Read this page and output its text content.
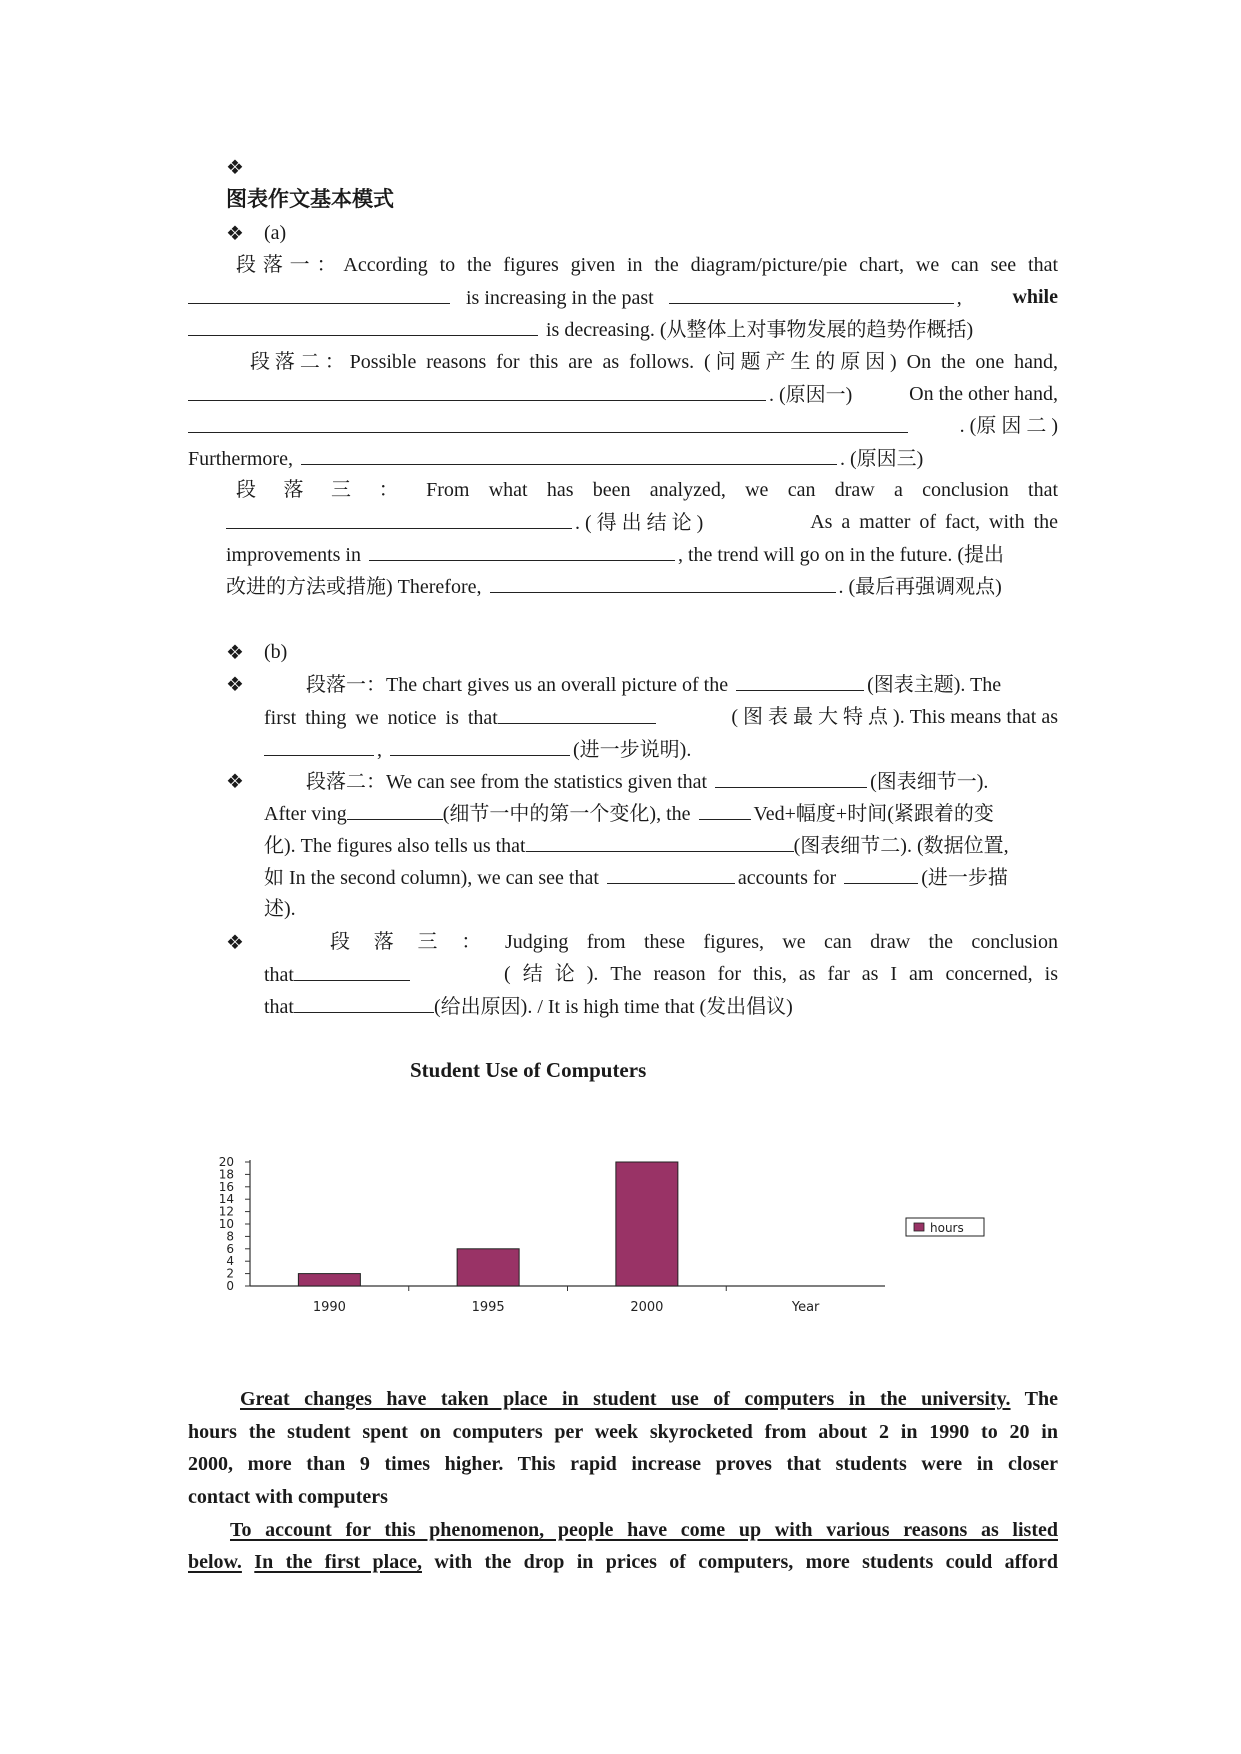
❖
图表作文基本模式
❖ (a)
段落一：According to the figures given in the diagram/picture/pie chart, we can see that
is increasing in the past	,	while
is decreasing. (从整体上对事物发展的趋势作概括)
段落二：Possible reasons for this are as follows. (问题产生的原因) On the one hand,
. (原因一)	On the other hand,
. (原 因 二 )
Furthermore,	. (原因三)
段 落 三 ： From what has been analyzed, we can draw a conclusion that
. ( 得 出 结 论 )	As a matter of fact, with the
improvements in	, the trend will go on in the future. (提出
改进的方法或措施) Therefore,	. (最后再强调观点)
❖ (b)
❖	段落一：The chart gives us an overall picture of the	(图表主题). The
first thing we notice is that	( 图 表 最 大 特 点 ). This means that as
,	(进一步说明).
❖	段落二：We can see from the statistics given that	(图表细节一).
After ving	(细节一中的第一个变化), the	Ved+幅度+时间(紧跟着的变
化). The figures also tells us that	(图表细节二). (数据位置,
如 In the second column), we can see that	accounts for	(进一步描
述).
❖	段 落 三 ： Judging from these figures, we can draw the conclusion
that	( 结 论 ). The reason for this, as far as I am concerned, is
that	(给出原因). / It is high time that (发出倡议)
Student Use of Computers
0
2
4
6
8
10
12
14
16
18
20
1990	1995	2000	Year
hours
Great changes have taken place in student use of computers in the university. The
hours the student spent on computers per week skyrocketed from about 2 in 1990 to 20 in
2000, more than 9 times higher. This rapid increase proves that students were in closer
contact with computers
To account for this phenomenon, people have come up with various reasons as listed
below. In the first place, with the drop in prices of computers, more students could afford
